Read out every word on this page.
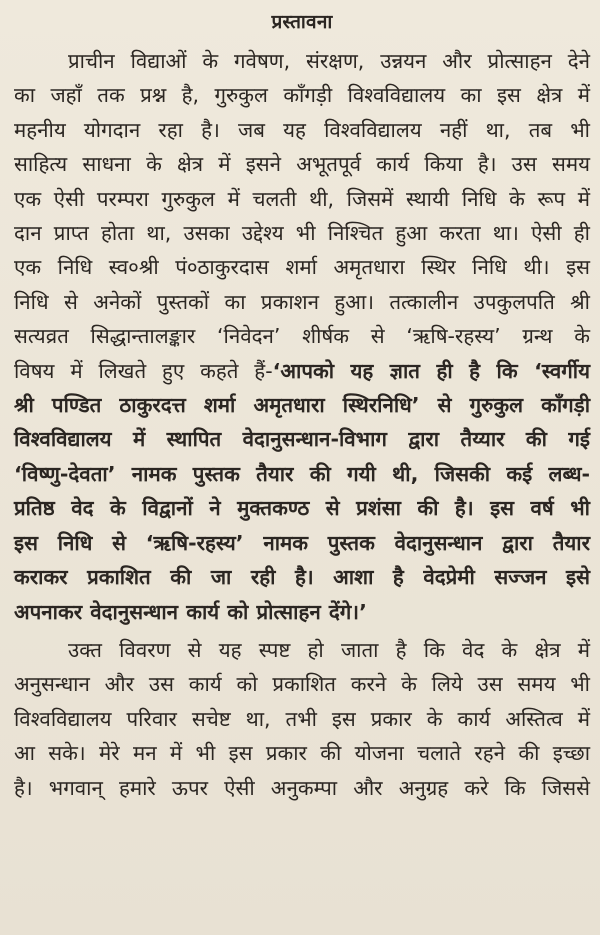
प्रस्तावना

प्राचीन विद्याओं के गवेषण, संरक्षण, उन्नयन और प्रोत्साहन देने
का जहाँ तक प्रश्न है, गुरुकुल काँगड़ी विश्वविद्यालय का इस क्षेत्र में
महनीय योगदान रहा है। जब यह विश्वविद्यालय नहीं था, तब भी
साहित्य साधना के क्षेत्र में इसने अभूतपूर्व कार्य किया है। उस समय
एक ऐसी परम्परा गुरुकुल में चलती थी, जिसमें स्थायी निधि के रूप में
दान प्राप्त होता था, उसका उद्देश्य भी निश्चित हुआ करता था। ऐसी ही
एक निधि स्व०श्री पं०ठाकुरदास शर्मा अमृतधारा स्थिर निधि थी। इस
निधि से अनेकों पुस्तकों का प्रकाशन हुआ। तत्कालीन उपकुलपति श्री
सत्यव्रत सिद्धान्तालङ्कार ‘निवेदन’ शीर्षक से ‘ऋषि-रहस्य’ ग्रन्थ के
विषय में लिखते हुए कहते हैं-‘आपको यह ज्ञात ही है कि ‘स्वर्गीय
श्री पण्डित ठाकुरदत्त शर्मा अमृतधारा स्थिरनिधि’ से गुरुकुल काँगड़ी
विश्वविद्यालय में स्थापित वेदानुसन्धान-विभाग द्वारा तैय्यार की गई
‘विष्णु-देवता’ नामक पुस्तक तैयार की गयी थी, जिसकी कई लब्ध-
प्रतिष्ठ वेद के विद्वानों ने मुक्तकण्ठ से प्रशंसा की है। इस वर्ष भी
इस निधि से ‘ऋषि-रहस्य’ नामक पुस्तक वेदानुसन्धान द्वारा तैयार
कराकर प्रकाशित की जा रही है। आशा है वेदप्रेमी सज्जन इसे
अपनाकर वेदानुसन्धान कार्य को प्रोत्साहन देंगे।’

उक्त विवरण से यह स्पष्ट हो जाता है कि वेद के क्षेत्र में
अनुसन्धान और उस कार्य को प्रकाशित करने के लिये उस समय भी
विश्वविद्यालय परिवार सचेष्ट था, तभी इस प्रकार के कार्य अस्तित्व में
आ सके। मेरे मन में भी इस प्रकार की योजना चलाते रहने की इच्छा
है। भगवान् हमारे ऊपर ऐसी अनुकम्पा और अनुग्रह करे कि जिससे
